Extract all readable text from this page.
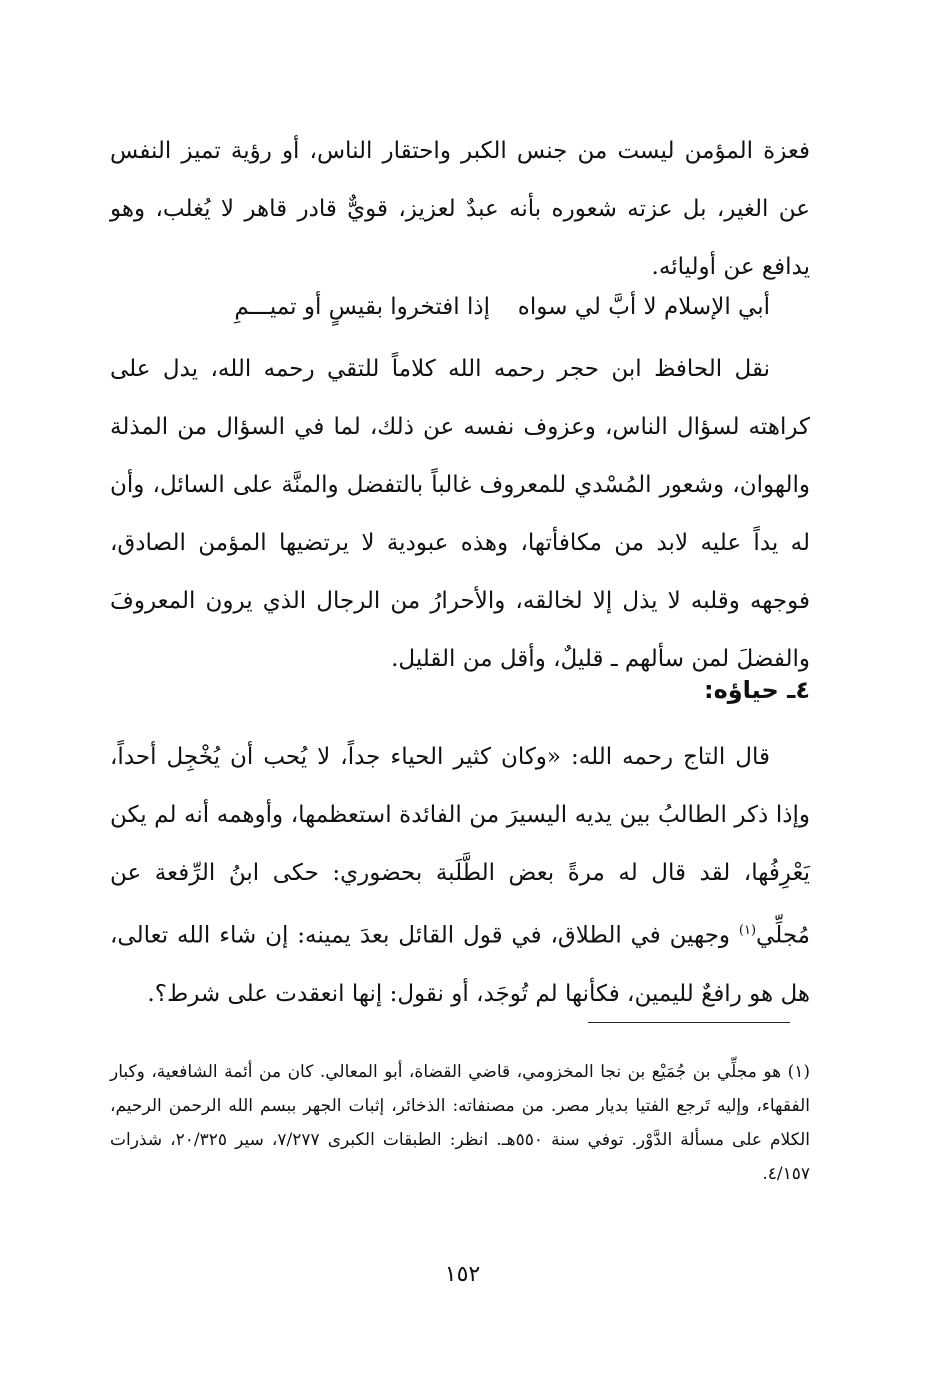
فعزة المؤمن ليست من جنس الكبر واحتقار الناس، أو رؤية تميز النفس عن الغير، بل عزته شعوره بأنه عبدٌ لعزيز، قويٌّ قادر قاهر لا يُغلب، وهو يدافع عن أوليائه.

أبي الإسلام لا أبَّ لي سواه
إذا افتخروا بقيسٍ أو تميـــمِ

نقل الحافظ ابن حجر رحمه الله كلاماً للتقي رحمه الله، يدل على كراهته لسؤال الناس، وعزوف نفسه عن ذلك، لما في السؤال من المذلة والهوان، وشعور المُسْدي للمعروف غالباً بالتفضل والمنَّة على السائل، وأن له يداً عليه لابد من مكافأتها، وهذه عبودية لا يرتضيها المؤمن الصادق، فوجهه وقلبه لا يذل إلا لخالقه، والأحرارُ من الرجال الذي يرون المعروفَ والفضلَ لمن سألهم ـ قليلٌ، وأقل من القليل.

٤ـ حياؤه:

قال التاج رحمه الله: «وكان كثير الحياء جداً، لا يُحب أن يُخْجِل أحداً، وإذا ذكر الطالبُ بين يديه اليسيرَ من الفائدة استعظمها، وأوهمه أنه لم يكن يَعْرِفُها، لقد قال له مرةً بعض الطَّلَبة بحضوري: حكى ابنُ الرِّفعة عن مُجلِّي$^{(١)}$ وجهين في الطلاق، في قول القائل بعدَ يمينه: إن شاء الله تعالى، هل هو رافعٌ لليمين، فكأنها لم تُوجَد، أو نقول: إنها انعقدت على شرط؟.

(١) هو مجلِّي بن جُمَيْع بن نجا المخزومي، قاضي القضاة، أبو المعالي. كان من أئمة الشافعية، وكبار الفقهاء، وإليه تَرجع الفتيا بديار مصر. من مصنفاته: الذخائر، إثبات الجهر ببسم الله الرحمن الرحيم، الكلام على مسألة الدَّوْر. توفي سنة ٥٥٠هـ. انظر: الطبقات الكبرى ٧/٢٧٧، سير ٢٠/٣٢٥، شذرات ٤/١٥٧.

١٥٢
